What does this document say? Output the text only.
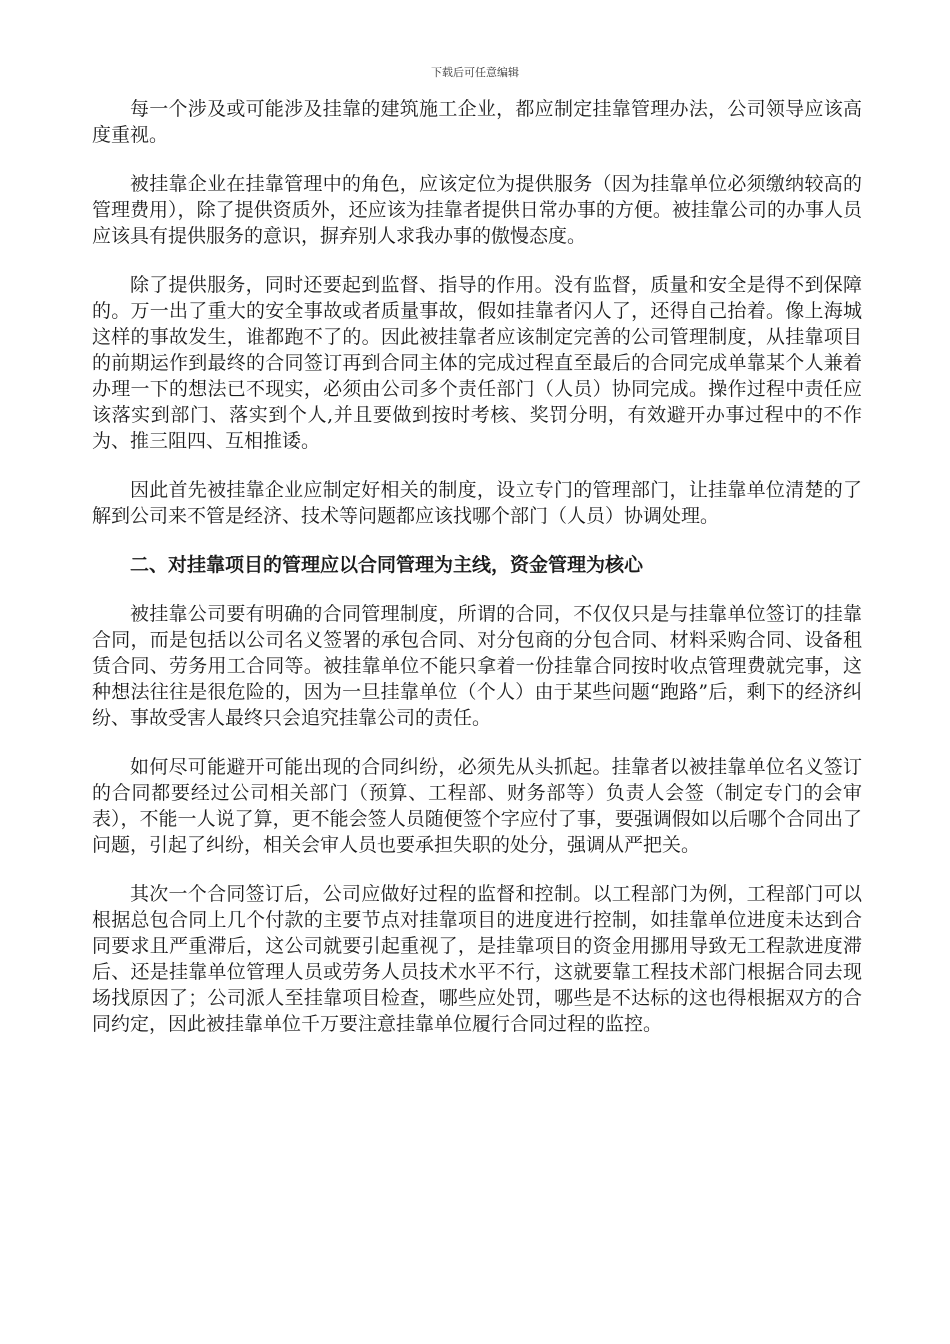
下载后可任意编辑

每一个涉及或可能涉及挂靠的建筑施工企业，都应制定挂靠管理办法，公司领导应该高度重视。

被挂靠企业在挂靠管理中的角色，应该定位为提供服务（因为挂靠单位必须缴纳较高的管理费用），除了提供资质外，还应该为挂靠者提供日常办事的方便。被挂靠公司的办事人员应该具有提供服务的意识，摒弃别人求我办事的傲慢态度。

除了提供服务，同时还要起到监督、指导的作用。没有监督，质量和安全是得不到保障的。万一出了重大的安全事故或者质量事故，假如挂靠者闪人了，还得自己抬着。像上海城这样的事故发生，谁都跑不了的。因此被挂靠者应该制定完善的公司管理制度，从挂靠项目的前期运作到最终的合同签订再到合同主体的完成过程直至最后的合同完成单靠某个人兼着办理一下的想法已不现实，必须由公司多个责任部门（人员）协同完成。操作过程中责任应该落实到部门、落实到个人,并且要做到按时考核、奖罚分明，有效避开办事过程中的不作为、推三阻四、互相推诿。

因此首先被挂靠企业应制定好相关的制度，设立专门的管理部门，让挂靠单位清楚的了解到公司来不管是经济、技术等问题都应该找哪个部门（人员）协调处理。

二、对挂靠项目的管理应以合同管理为主线，资金管理为核心

被挂靠公司要有明确的合同管理制度，所谓的合同，不仅仅只是与挂靠单位签订的挂靠合同，而是包括以公司名义签署的承包合同、对分包商的分包合同、材料采购合同、设备租赁合同、劳务用工合同等。被挂靠单位不能只拿着一份挂靠合同按时收点管理费就完事，这种想法往往是很危险的，因为一旦挂靠单位（个人）由于某些问题“跑路”后，剩下的经济纠纷、事故受害人最终只会追究挂靠公司的责任。

如何尽可能避开可能出现的合同纠纷，必须先从头抓起。挂靠者以被挂靠单位名义签订的合同都要经过公司相关部门（预算、工程部、财务部等）负责人会签（制定专门的会审表），不能一人说了算，更不能会签人员随便签个字应付了事，要强调假如以后哪个合同出了问题，引起了纠纷，相关会审人员也要承担失职的处分，强调从严把关。

其次一个合同签订后，公司应做好过程的监督和控制。以工程部门为例，工程部门可以根据总包合同上几个付款的主要节点对挂靠项目的进度进行控制，如挂靠单位进度未达到合同要求且严重滞后，这公司就要引起重视了，是挂靠项目的资金用挪用导致无工程款进度滞后、还是挂靠单位管理人员或劳务人员技术水平不行，这就要靠工程技术部门根据合同去现场找原因了；公司派人至挂靠项目检查，哪些应处罚，哪些是不达标的这也得根据双方的合同约定，因此被挂靠单位千万要注意挂靠单位履行合同过程的监控。
